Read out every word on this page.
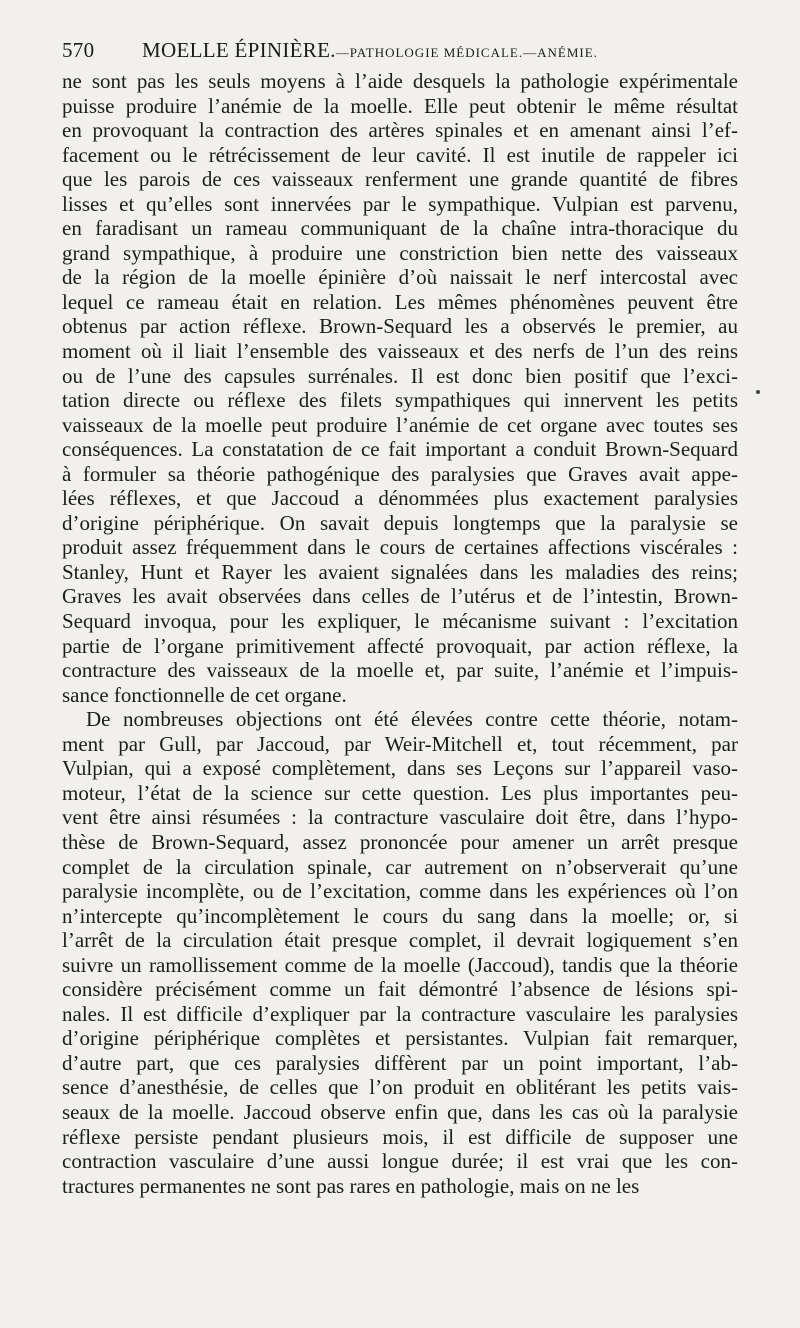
570	MOELLE ÉPINIÈRE. — PATHOLOGIE MÉDICALE. — ANÉMIE.
ne sont pas les seuls moyens à l’aide desquels la pathologie expérimentale
puisse produire l’anémie de la moelle. Elle peut obtenir le même résultat
en provoquant la contraction des artères spinales et en amenant ainsi l’ef-
facement ou le rétrécissement de leur cavité. Il est inutile de rappeler ici
que les parois de ces vaisseaux renferment une grande quantité de fibres
lisses et qu’elles sont innervées par le sympathique. Vulpian est parvenu,
en faradisant un rameau communiquant de la chaîne intra-thoracique du
grand sympathique, à produire une constriction bien nette des vaisseaux
de la région de la moelle épinière d’où naissait le nerf intercostal avec
lequel ce rameau était en relation. Les mêmes phénomènes peuvent être
obtenus par action réflexe. Brown-Sequard les a observés le premier, au
moment où il liait l’ensemble des vaisseaux et des nerfs de l’un des reins
ou de l’une des capsules surrénales. Il est donc bien positif que l’exci-
tation directe ou réflexe des filets sympathiques qui innervent les petits
vaisseaux de la moelle peut produire l’anémie de cet organe avec toutes ses
conséquences. La constatation de ce fait important a conduit Brown-Sequard
à formuler sa théorie pathogénique des paralysies que Graves avait appe-
lées réflexes, et que Jaccoud a dénommées plus exactement paralysies
d’origine périphérique. On savait depuis longtemps que la paralysie se
produit assez fréquemment dans le cours de certaines affections viscérales :
Stanley, Hunt et Rayer les avaient signalées dans les maladies des reins;
Graves les avait observées dans celles de l’utérus et de l’intestin, Brown-
Sequard invoqua, pour les expliquer, le mécanisme suivant : l’excitation
partie de l’organe primitivement affecté provoquait, par action réflexe, la
contracture des vaisseaux de la moelle et, par suite, l’anémie et l’impuis-
sance fonctionnelle de cet organe.
De nombreuses objections ont été élevées contre cette théorie, notam-
ment par Gull, par Jaccoud, par Weir-Mitchell et, tout récemment, par
Vulpian, qui a exposé complètement, dans ses Leçons sur l’appareil vaso-
moteur, l’état de la science sur cette question. Les plus importantes peu-
vent être ainsi résumées : la contracture vasculaire doit être, dans l’hypo-
thèse de Brown-Sequard, assez prononcée pour amener un arrêt presque
complet de la circulation spinale, car autrement on n’observerait qu’une
paralysie incomplète, ou de l’excitation, comme dans les expériences où l’on
n’intercepte qu’incomplètement le cours du sang dans la moelle; or, si
l’arrêt de la circulation était presque complet, il devrait logiquement s’en
suivre un ramollissement comme de la moelle (Jaccoud), tandis que la théorie
considère précisément comme un fait démontré l’absence de lésions spi-
nales. Il est difficile d’expliquer par la contracture vasculaire les paralysies
d’origine périphérique complètes et persistantes. Vulpian fait remarquer,
d’autre part, que ces paralysies diffèrent par un point important, l’ab-
sence d’anesthésie, de celles que l’on produit en oblitérant les petits vais-
seaux de la moelle. Jaccoud observe enfin que, dans les cas où la paralysie
réflexe persiste pendant plusieurs mois, il est difficile de supposer une
contraction vasculaire d’une aussi longue durée; il est vrai que les con-
tractures permanentes ne sont pas rares en pathologie, mais on ne les
